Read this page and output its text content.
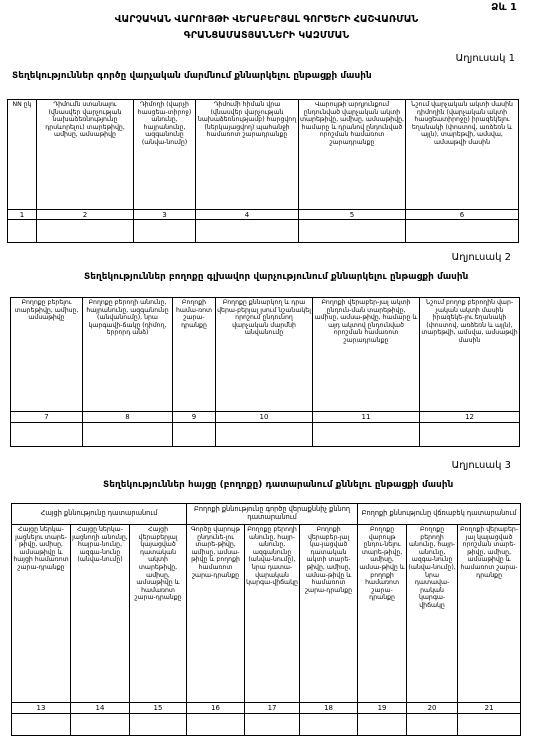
Ձև 1
ՎԱՐՉԱԿԱՆ ՎԱՐՈՒՅԹԻ ՎԵՐԱԲԵՐՅԱԼ ԳՈՐԾԵՐԻ ՀԱՇՎԱՌՄԱՆ
ԳՐԱՆՑԱՄԱՏՅԱՆՆԵՐԻ ԿԱԶՄՄԱՆ
Աղյուսակ 1
Տեղեկություններ գործը վարչական մարմնում քննարկելու ընթացքի մասին
NN ըկ	Դիմումն ստանալու (վնասվեր վարչության նախաձեռնությունը դրսևորելու) տարեթիվը, ամիսը, ամսաթիվը	Դիմողի (վարչի հասցեա-տիրոջ) անունը, հայրանունը, ազգանունը (անվա-նումը)	Դիմումի հիման վրա (վնասվեր վարչության նախաձեռնությամբ) հարցվող (ներկայացվող) պահանջի համառոտ շարադրանքը	Վարույթի արդյունքում ընդունված վարչական ակտի տարեթիվը, ամիսը, ամսաթիվը, համարը և դրանով ընդունված որոշման համառոտ շարադրանքը	Նշում վարչական ակտի մասին դիմողին (վարչական ակտի հասցեատիրոջը) իրազեկելու եղանակի (փոստով, առձեռն և այլն), տարեթվի, ամսվա, ամսաթվի մասին
1	2	3	4	5	6

Աղյուսակ 2
Տեղեկություններ բողոքը գլխավոր վարչությունում քննարկելու ընթացքի մասին
Բողոքը բերելու տարեթիվը, ամիսը, ամսաթիվը	Բողոքը բերողի անունը, հայրանունը, ազգանունը (անվանումը), նրա կարգավի-ճակը (դիմող, երրորդ անձ)	Բողոքի համա-ռոտ շարա-դրանքը	Բողոքը քննարկող և դրա վերա-բերյալ լսում նշանակել որոշում ընդունող վարչական մարմնի անվանումը	Բողոքի վերաբեր-յալ ակտի ընդուն-ման տարեթիվը, ամիսը, ամսա-թիվը, համարը և այդ ակտով ընդունված որոշման համառոտ շարադրանքը	Նշում բողոք բերողին վար-չական ակտի մասին իրազեկե-լու եղանակի (փոստով, առձեռն և այլն), տարեթվի, ամսվա, ամսաթվի մասին
7	8	9	10	11	12

Աղյուսակ 3
Տեղեկություններ հայցը (բողոքը) դատարանում քննելու ընթացքի մասին
Հայցի քննությունը դատարանում			Բողոքի քննությունը գործը վերաքննիչ քննող դատարանում			Բողոքի քննությունը վճռաբեկ դատարանում		
Հայցը ներկա-յացնելու տարե-թիվը, ամիսը, ամսաթիվը և հայցի համառոտ շարա-դրանքը	Հայցը ներկա-յացնողի անունը, հայրա-նունը, ազգա-նունը (անվա-նումը)	Հայցի վերաբերյալ կայացված դատական ակտի տարեթիվը, ամիսը, ամսաթիվը և համառոտ շարա-դրանքը	Գործը վարույթ ընդունե-լու տարե-թիվը, ամիսը, ամսա-թիվը և բողոքի համառոտ շարա-դրանքը	Բողոքը բերողի անունը, հայր-անունը, ազգանունը (անվա-նումը), նրա դատա-վարական կարգա-վիճակը	Բողոքի վերաբեր-յալ կա-յացված դատական ակտի տարե-թիվը, ամիսը, ամսա-թիվը և համառոտ շարա-դրանքը	Բողոքը վարույթ ընդու-նելու տարե-թիվը, ամիսը, ամսա-թիվը և բողոքի համառոտ շարա-դրանքը	Բողոքը բերողի անունը, հայր-անունը, ազգա-նունը (անվա-նումը), նրա դատավա-րական կարգա-վիճակը	Բողոքի վերաբեր-յալ կայացված որոշման տարե-թիվը, ամիսը, ամսաթիվը և համառոտ շարա-դրանքը
13	14	15	16	17	18	19	20	21
